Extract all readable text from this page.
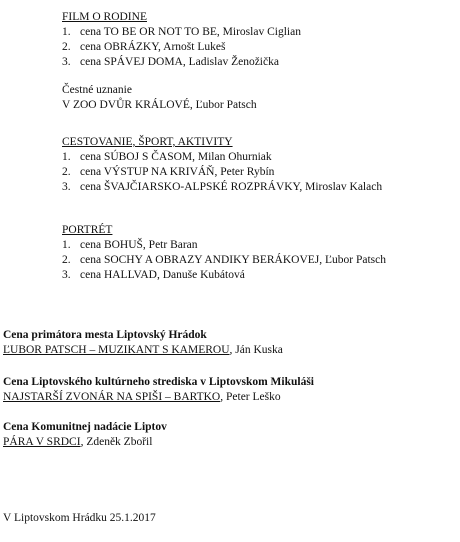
FILM O RODINE
1. cena TO BE OR NOT TO BE, Miroslav Ciglian
2. cena OBRÁZKY, Arnošt Lukeš
3. cena SPÁVEJ DOMA, Ladislav Ženožička
Čestné uznanie
V ZOO DVŮR KRÁLOVÉ, Ľubor Patsch
CESTOVANIE, ŠPORT, AKTIVITY
1. cena SÚBOJ S ČASOM, Milan Ohurniak
2. cena VÝSTUP NA KRIVÁŇ, Peter Rybín
3. cena ŠVAJČIARSKO-ALPSKÉ ROZPRÁVKY, Miroslav Kalach
PORTRÉT
1. cena BOHUŠ, Petr Baran
2. cena SOCHY A OBRAZY ANDIKY BERÁKOVEJ, Ľubor Patsch
3. cena HALLVAD, Danuše Kubátová
Cena primátora mesta Liptovský Hrádok
ĽUBOR PATSCH – MUZIKANT S KAMEROU, Ján Kuska
Cena Liptovského kultúrneho strediska v Liptovskom Mikuláši
NAJSTARŠÍ ZVONÁR NA SPIŠI – BARTKO, Peter Leško
Cena Komunitnej nadácie Liptov
PÁRA V SRDCI, Zdeněk Zbořil
V Liptovskom Hrádku 25.1.2017
